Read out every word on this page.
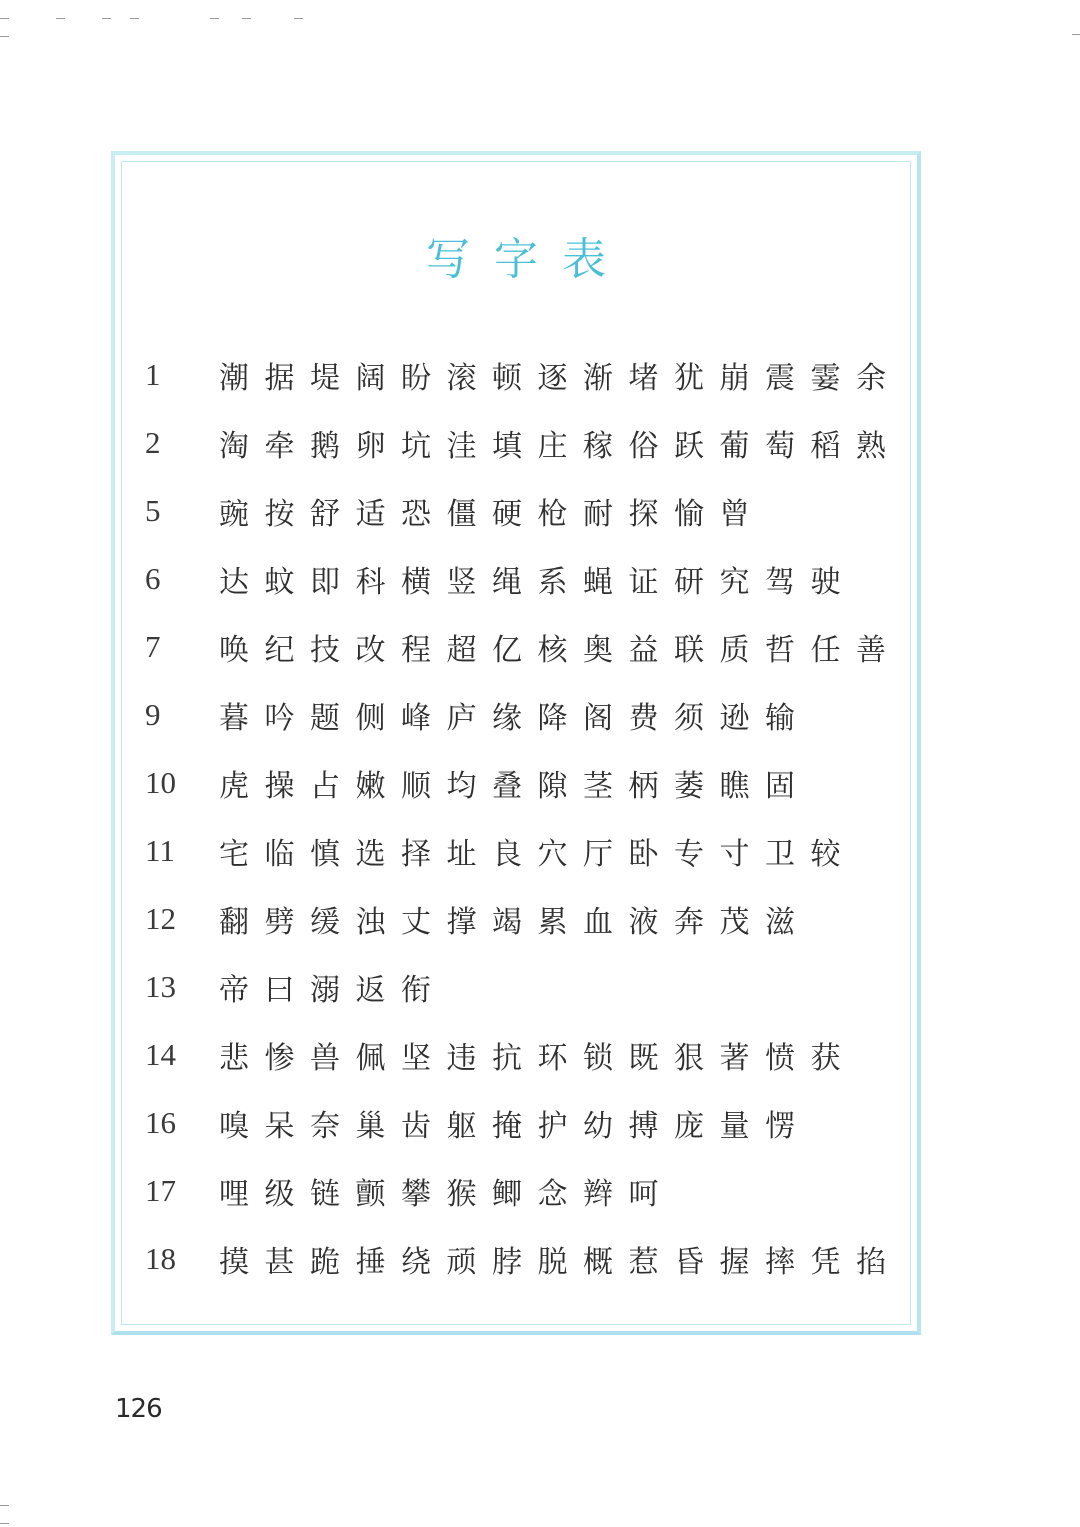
写字表
1	潮据堤阔盼滚顿逐渐堵犹崩震霎余
2	淘牵鹅卵坑洼填庄稼俗跃葡萄稻熟
5	豌按舒适恐僵硬枪耐探愉曾
6	达蚊即科横竖绳系蝇证研究驾驶
7	唤纪技改程超亿核奥益联质哲任善
9	暮吟题侧峰庐缘降阁费须逊输
10	虎操占嫩顺均叠隙茎柄萎瞧固
11	宅临慎选择址良穴厅卧专寸卫较
12	翻劈缓浊丈撑竭累血液奔茂滋
13	帝曰溺返衔
14	悲惨兽佩坚违抗环锁既狠著愤获
16	嗅呆奈巢齿躯掩护幼搏庞量愣
17	哩级链颤攀猴鲫念辫呵
18	摸甚跪捶绕顽脖脱概惹昏握摔凭掐
126
